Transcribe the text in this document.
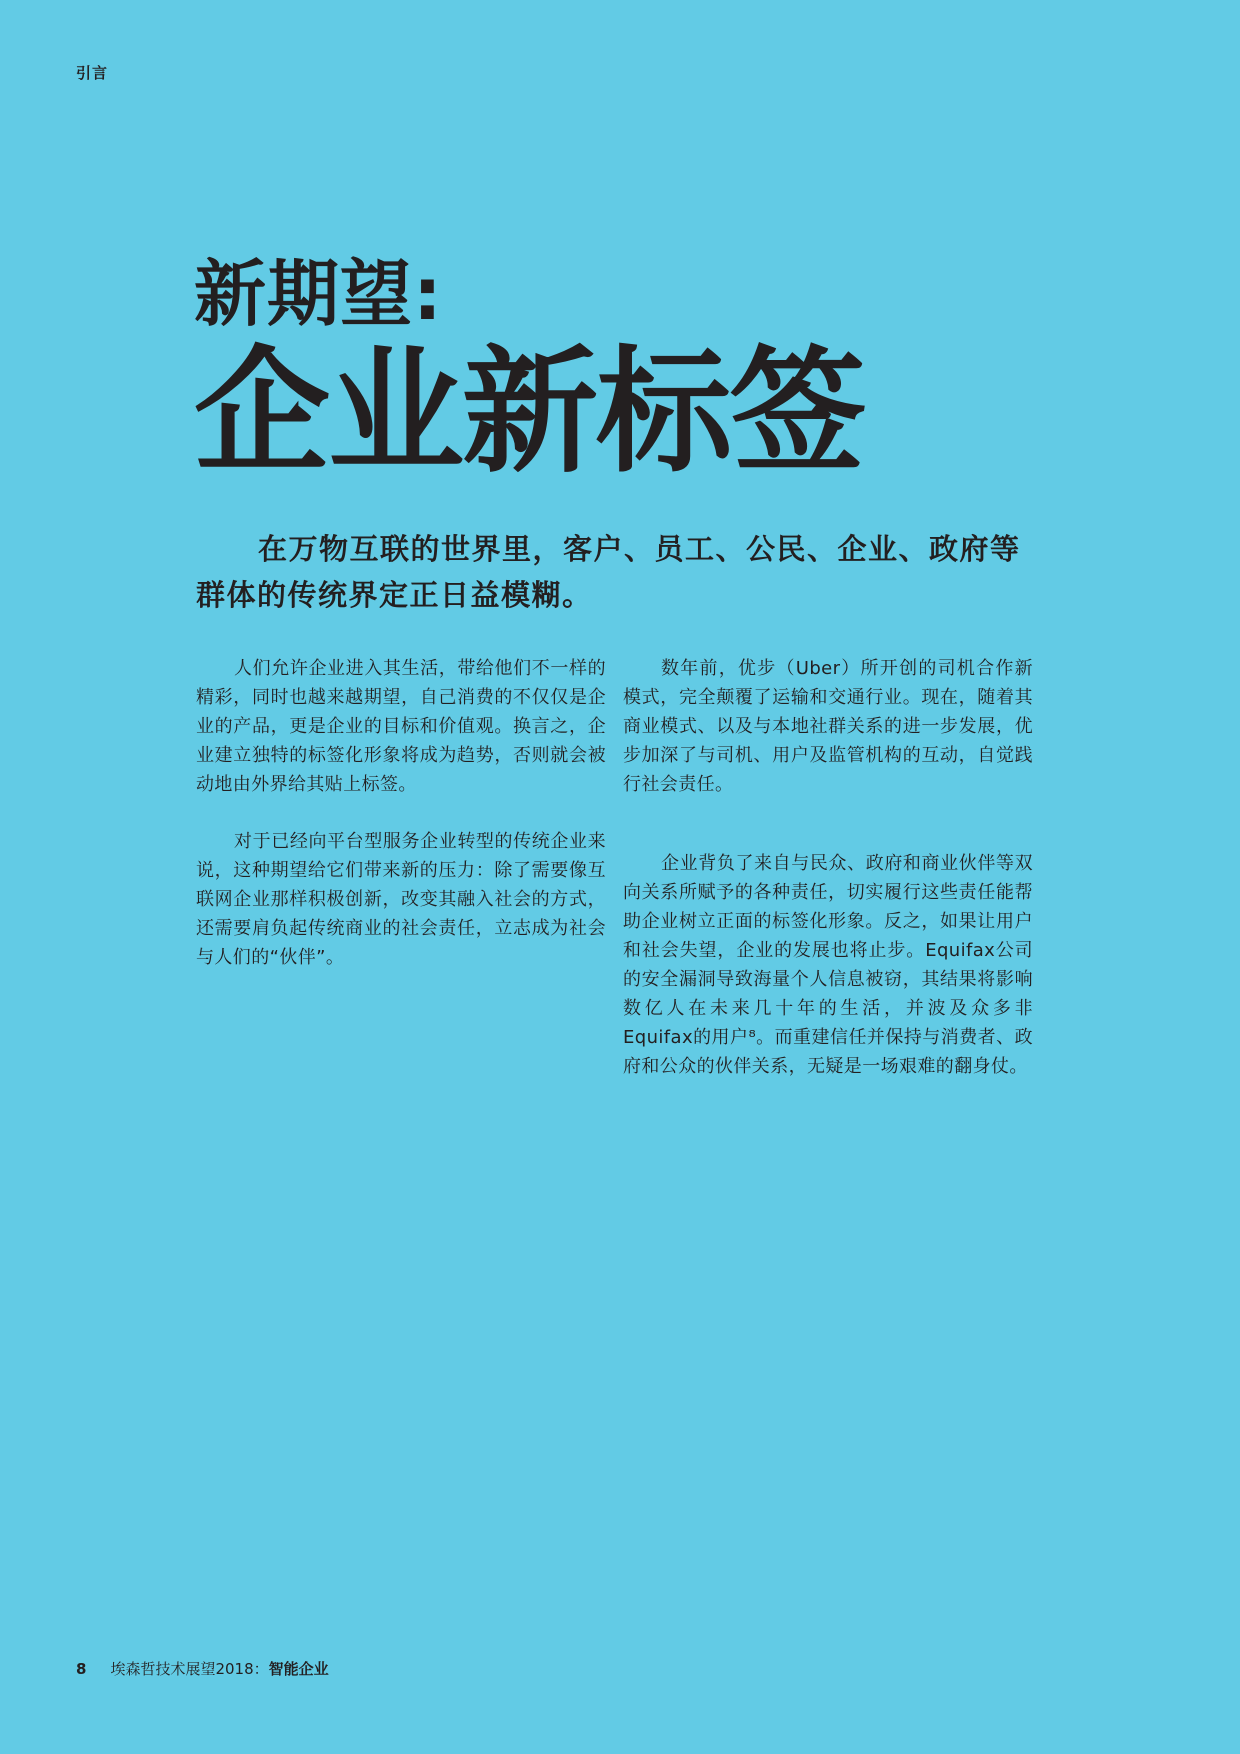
引言
新期望:
企业新标签

在万物互联的世界里，客户、员工、公民、企业、政府等群体的传统界定正日益模糊。

人们允许企业进入其生活，带给他们不一样的精彩，同时也越来越期望，自己消费的不仅仅是企业的产品，更是企业的目标和价值观。换言之，企业建立独特的标签化形象将成为趋势，否则就会被动地由外界给其贴上标签。

对于已经向平台型服务企业转型的传统企业来说，这种期望给它们带来新的压力：除了需要像互联网企业那样积极创新，改变其融入社会的方式，还需要肩负起传统商业的社会责任，立志成为社会与人们的“伙伴”。

数年前，优步（Uber）所开创的司机合作新模式，完全颠覆了运输和交通行业。现在，随着其商业模式、以及与本地社群关系的进一步发展，优步加深了与司机、用户及监管机构的互动，自觉践行社会责任。

企业背负了来自与民众、政府和商业伙伴等双向关系所赋予的各种责任，切实履行这些责任能帮助企业树立正面的标签化形象。反之，如果让用户和社会失望，企业的发展也将止步。Equifax公司的安全漏洞导致海量个人信息被窃，其结果将影响数亿人在未来几十年的生活，并波及众多非Equifax的用户⁸。而重建信任并保持与消费者、政府和公众的伙伴关系，无疑是一场艰难的翻身仗。

8 埃森哲技术展望2018： 智能企业
